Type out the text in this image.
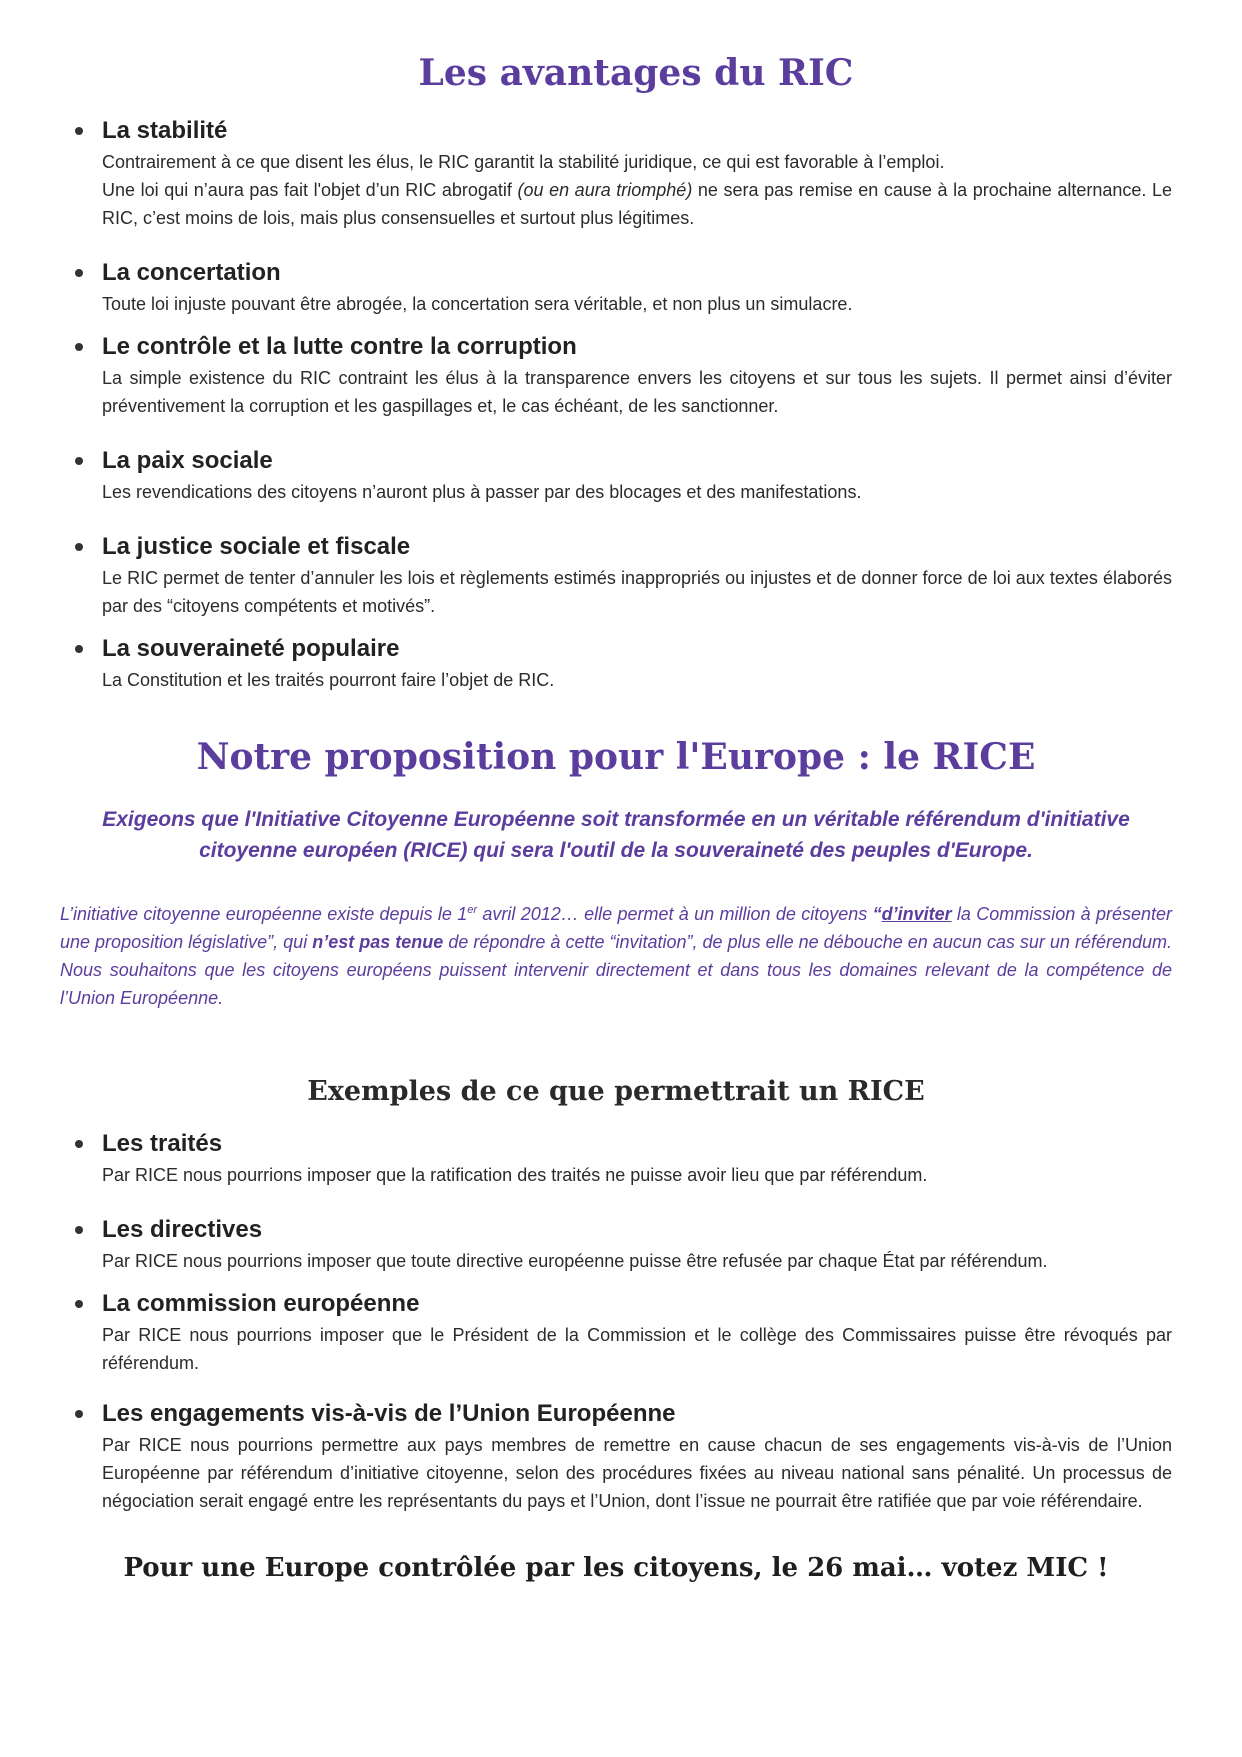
Les avantages du RIC
La stabilité
Contrairement à ce que disent les élus, le RIC garantit la stabilité juridique, ce qui est favorable à l’emploi.
Une loi qui n’aura pas fait l'objet d’un RIC abrogatif (ou en aura triomphé) ne sera pas remise en cause à la prochaine alternance. Le RIC, c’est moins de lois, mais plus consensuelles et surtout plus légitimes.
La concertation
Toute loi injuste pouvant être abrogée, la concertation sera véritable, et non plus un simulacre.
Le contrôle et la lutte contre la corruption
La simple existence du RIC contraint les élus à la transparence envers les citoyens et sur tous les sujets. Il permet ainsi d’éviter préventivement la corruption et les gaspillages et, le cas échéant, de les sanctionner.
La paix sociale
Les revendications des citoyens n’auront plus à passer par des blocages et des manifestations.
La justice sociale et fiscale
Le RIC permet de tenter d’annuler les lois et règlements estimés inappropriés ou injustes et de donner force de loi aux textes élaborés par des “citoyens compétents et motivés”.
La souveraineté populaire
La Constitution et les traités pourront faire l’objet de RIC.
Notre proposition pour l'Europe : le RICE

Exigeons que l'Initiative Citoyenne Européenne soit transformée en un véritable référendum d'initiative citoyenne européen (RICE) qui sera l'outil de la souveraineté des peuples d'Europe.

L’initiative citoyenne européenne existe depuis le 1er avril 2012… elle permet à un million de citoyens “d’inviter la Commission à présenter une proposition législative”, qui n’est pas tenue de répondre à cette “invitation”, de plus elle ne débouche en aucun cas sur un référendum. Nous souhaitons que les citoyens européens puissent intervenir directement et dans tous les domaines relevant de la compétence de l’Union Européenne.

Exemples de ce que permettrait un RICE
Les traités
Par RICE nous pourrions imposer que la ratification des traités ne puisse avoir lieu que par référendum.
Les directives
Par RICE nous pourrions imposer que toute directive européenne puisse être refusée par chaque État par référendum.
La commission européenne
Par RICE nous pourrions imposer que le Président de la Commission et le collège des Commissaires puisse être révoqués par référendum.
Les engagements vis-à-vis de l’Union Européenne
Par RICE nous pourrions permettre aux pays membres de remettre en cause chacun de ses engagements vis-à-vis de l’Union Européenne par référendum d’initiative citoyenne, selon des procédures fixées au niveau national sans pénalité. Un processus de négociation serait engagé entre les représentants du pays et l’Union, dont l’issue ne pourrait être ratifiée que par voie référendaire.

Pour une Europe contrôlée par les citoyens, le 26 mai… votez MIC !
